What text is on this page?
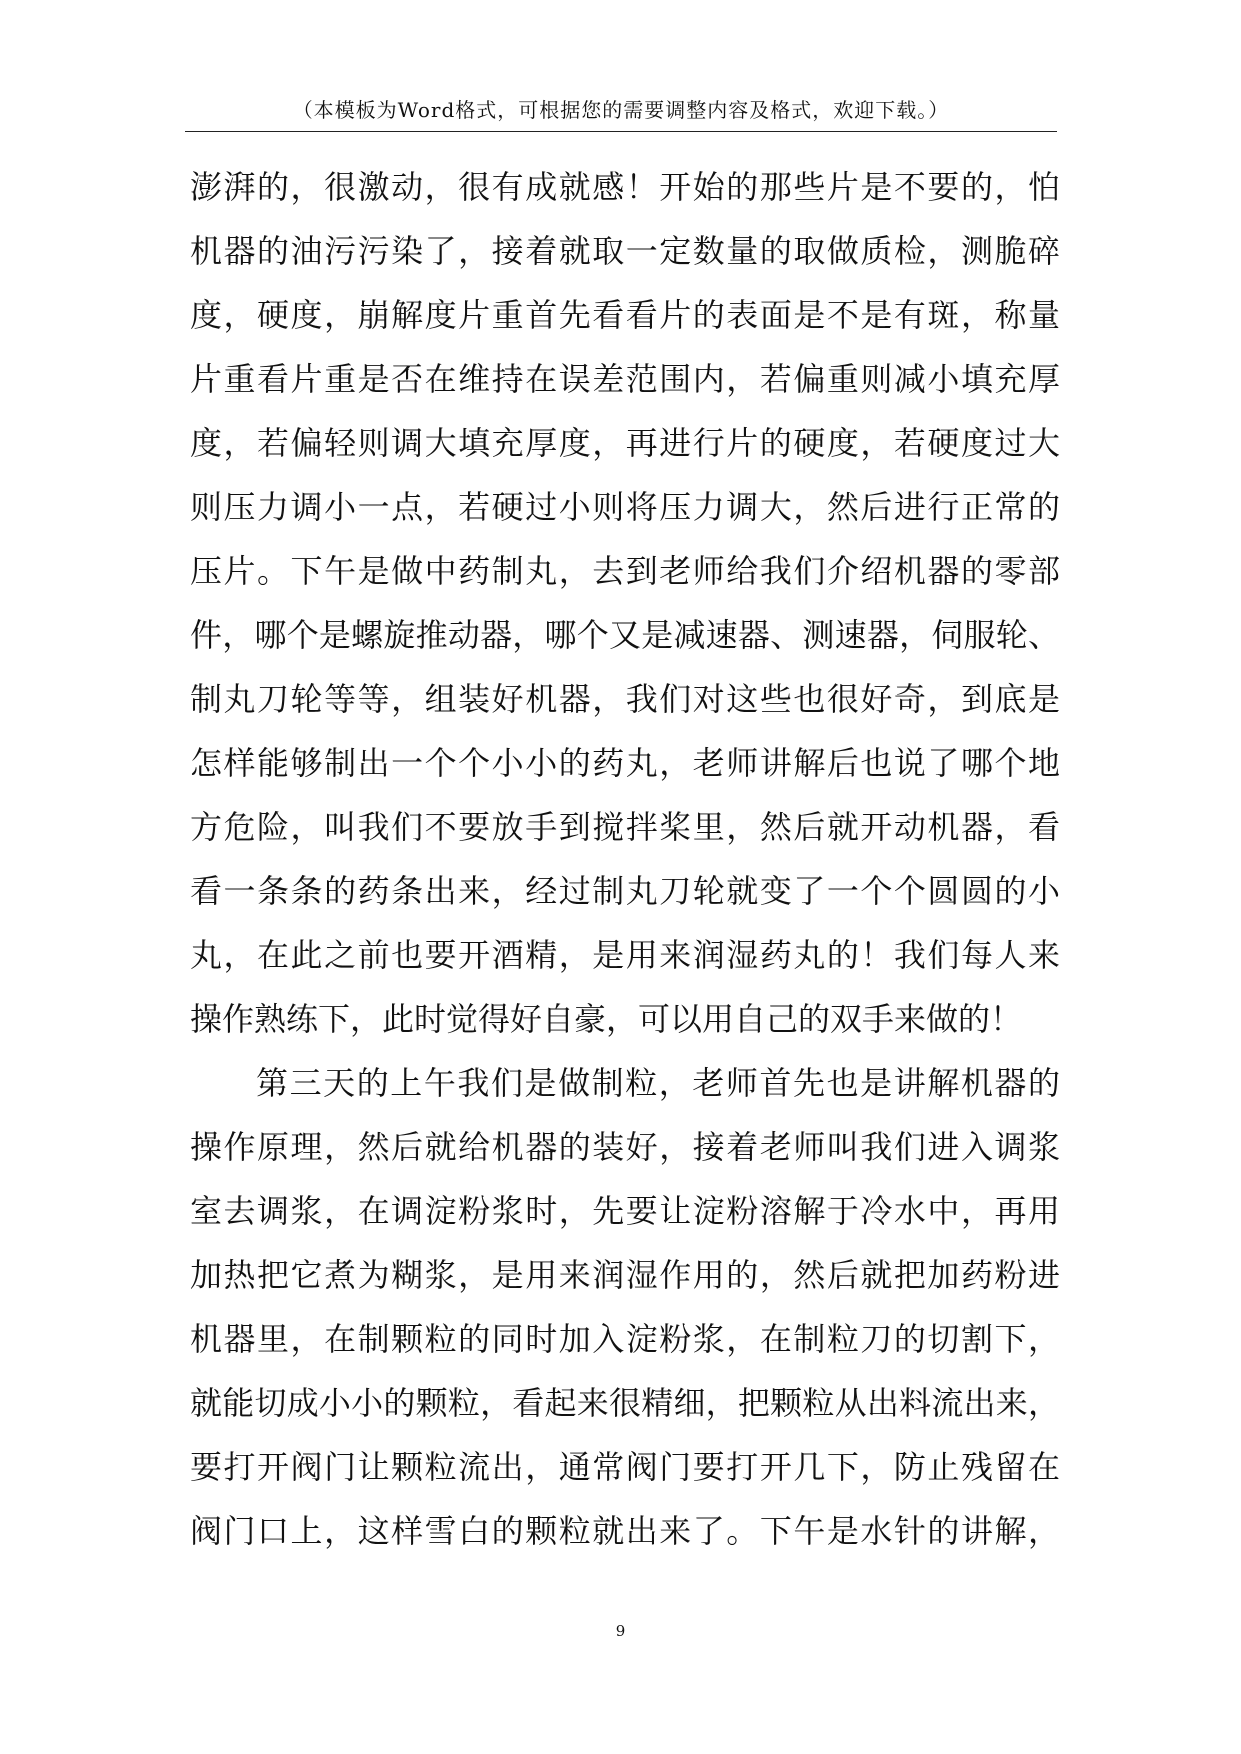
（本模板为Word格式，可根据您的需要调整内容及格式，欢迎下载。）
澎湃的，很激动，很有成就感！开始的那些片是不要的，怕
机器的油污污染了，接着就取一定数量的取做质检，测脆碎
度，硬度，崩解度片重首先看看片的表面是不是有斑，称量
片重看片重是否在维持在误差范围内，若偏重则减小填充厚
度，若偏轻则调大填充厚度，再进行片的硬度，若硬度过大
则压力调小一点，若硬过小则将压力调大，然后进行正常的
压片。下午是做中药制丸，去到老师给我们介绍机器的零部
件，哪个是螺旋推动器，哪个又是减速器、测速器，伺服轮、
制丸刀轮等等，组装好机器，我们对这些也很好奇，到底是
怎样能够制出一个个小小的药丸，老师讲解后也说了哪个地
方危险，叫我们不要放手到搅拌桨里，然后就开动机器，看
看一条条的药条出来，经过制丸刀轮就变了一个个圆圆的小
丸，在此之前也要开酒精，是用来润湿药丸的！我们每人来
操作熟练下，此时觉得好自豪，可以用自己的双手来做的！
第三天的上午我们是做制粒，老师首先也是讲解机器的
操作原理，然后就给机器的装好，接着老师叫我们进入调浆
室去调浆，在调淀粉浆时，先要让淀粉溶解于冷水中，再用
加热把它煮为糊浆，是用来润湿作用的，然后就把加药粉进
机器里，在制颗粒的同时加入淀粉浆，在制粒刀的切割下，
就能切成小小的颗粒，看起来很精细，把颗粒从出料流出来，
要打开阀门让颗粒流出，通常阀门要打开几下，防止残留在
阀门口上，这样雪白的颗粒就出来了。下午是水针的讲解，
9
